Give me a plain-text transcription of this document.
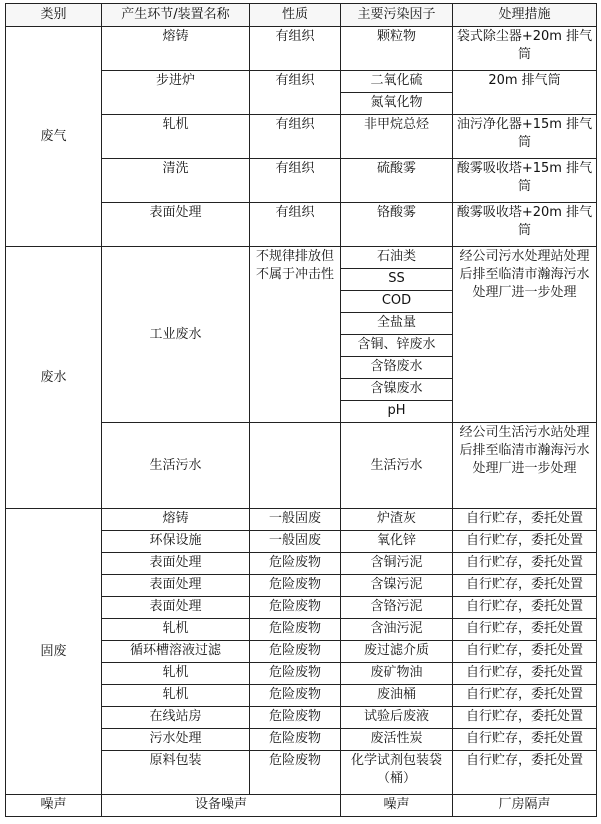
类别	产生环节/装置名称	性质	主要污染因子	处理措施
废气	熔铸	有组织	颗粒物	袋式除尘器+20m 排气筒
	步进炉	有组织	二氧化硫	20m 排气筒
			氮氧化物	
	轧机	有组织	非甲烷总烃	油污净化器+15m 排气筒
	清洗	有组织	硫酸雾	酸雾吸收塔+15m 排气筒
	表面处理	有组织	铬酸雾	酸雾吸收塔+20m 排气筒
废水	工业废水	不规律排放但不属于冲击性	石油类	经公司污水处理站处理后排至临清市瀚海污水处理厂进一步处理
			SS	
			COD	
			全盐量	
			含铜、锌废水	
			含铬废水	
			含镍废水	
			pH	
	生活污水		生活污水	经公司生活污水站处理后排至临清市瀚海污水处理厂进一步处理
固废	熔铸	一般固废	炉渣灰	自行贮存，委托处置
	环保设施	一般固废	氧化锌	自行贮存，委托处置
	表面处理	危险废物	含铜污泥	自行贮存，委托处置
	表面处理	危险废物	含镍污泥	自行贮存，委托处置
	表面处理	危险废物	含铬污泥	自行贮存，委托处置
	轧机	危险废物	含油污泥	自行贮存，委托处置
	循环槽溶液过滤	危险废物	废过滤介质	自行贮存，委托处置
	轧机	危险废物	废矿物油	自行贮存，委托处置
	轧机	危险废物	废油桶	自行贮存，委托处置
	在线站房	危险废物	试验后废液	自行贮存，委托处置
	污水处理	危险废物	废活性炭	自行贮存，委托处置
	原料包装	危险废物	化学试剂包装袋（桶）	自行贮存，委托处置
噪声	设备噪声		噪声	厂房隔声
